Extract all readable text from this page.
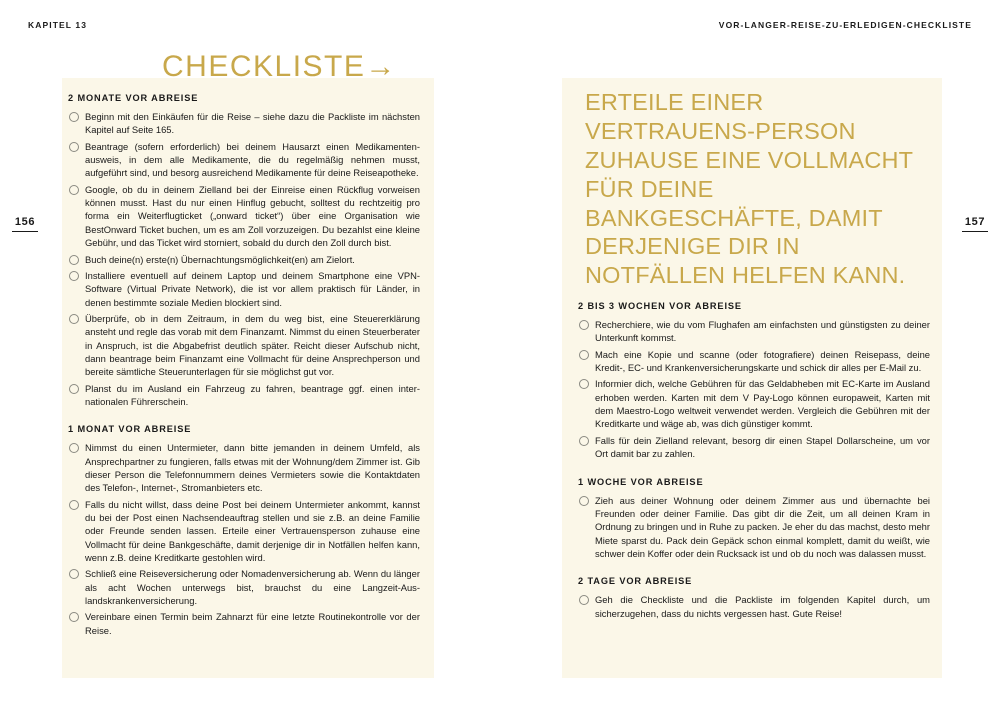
KAPITEL 13	VOR-LANGER-REISE-ZU-ERLEDIGEN-CHECKLISTE
156	157
CHECKLISTE→
ERTEILE EINER VERTRAUENS-PERSON ZUHAUSE EINE VOLLMACHT FÜR DEINE BANKGESCHÄFTE, DAMIT DERJENIGE DIR IN NOTFÄLLEN HELFEN KANN.
2 MONATE VOR ABREISE
Beginn mit den Einkäufen für die Reise – siehe dazu die Packliste im nächsten Kapitel auf Seite 165.
Beantrage (sofern erforderlich) bei deinem Hausarzt einen Medikamentenausweis, in dem alle Medikamente, die du regelmäßig nehmen musst, aufgeführt sind, und besorg ausreichend Medikamente für deine Reiseapotheke.
Google, ob du in deinem Zielland bei der Einreise einen Rückflug vorweisen können musst. Hast du nur einen Hinflug gebucht, solltest du rechtzeitig pro forma ein Weiterflugticket („onward ticket“) über eine Organisation wie BestOnward Ticket buchen, um es am Zoll vorzuzeigen. Du bezahlst eine kleine Gebühr, und das Ticket wird storniert, sobald du durch den Zoll durch bist.
Buch deine(n) erste(n) Übernachtungsmöglichkeit(en) am Zielort.
Installiere eventuell auf deinem Laptop und deinem Smartphone eine VPN-Software (Virtual Private Network), die ist vor allem praktisch für Länder, in denen bestimmte soziale Medien blockiert sind.
Überprüfe, ob in dem Zeitraum, in dem du weg bist, eine Steuererklärung ansteht und regle das vorab mit dem Finanzamt. Nimmst du einen Steuerberater in Anspruch, ist die Abgabefrist deutlich später. Reicht dieser Aufschub nicht, dann beantrage beim Finanzamt eine Vollmacht für deine Ansprechperson und bereite sämtliche Steuerunterlagen für sie möglichst gut vor.
Planst du im Ausland ein Fahrzeug zu fahren, beantrage ggf. einen internationalen Führerschein.
1 MONAT VOR ABREISE
Nimmst du einen Untermieter, dann bitte jemanden in deinem Umfeld, als Ansprechpartner zu fungieren, falls etwas mit der Wohnung/dem Zimmer ist. Gib dieser Person die Telefonnummern deines Vermieters sowie die Kontaktdaten des Telefon-, Internet-, Stromanbieters etc.
Falls du nicht willst, dass deine Post bei deinem Untermieter ankommt, kannst du bei der Post einen Nachsendeauftrag stellen und sie z.B. an deine Familie oder Freunde senden lassen. Erteile einer Vertrauensperson zuhause eine Vollmacht für deine Bankgeschäfte, damit derjenige dir in Notfällen helfen kann, wenn z.B. deine Kreditkarte gestohlen wird.
Schließ eine Reiseversicherung oder Nomadenversicherung ab. Wenn du länger als acht Wochen unterwegs bist, brauchst du eine Langzeit-Auslandskrankenversicherung.
Vereinbare einen Termin beim Zahnarzt für eine letzte Routinekontrolle vor der Reise.
2 BIS 3 WOCHEN VOR ABREISE
Recherchiere, wie du vom Flughafen am einfachsten und günstigsten zu deiner Unterkunft kommst.
Mach eine Kopie und scanne (oder fotografiere) deinen Reisepass, deine Kredit-, EC- und Krankenversicherungskarte und schick dir alles per E-Mail zu.
Informier dich, welche Gebühren für das Geldabheben mit EC-Karte im Ausland erhoben werden. Karten mit dem V Pay-Logo können europaweit, Karten mit dem Maestro-Logo weltweit verwendet werden. Vergleich die Gebühren mit der Kreditkarte und wäge ab, was dich günstiger kommt.
Falls für dein Zielland relevant, besorg dir einen Stapel Dollarscheine, um vor Ort damit bar zu zahlen.
1 WOCHE VOR ABREISE
Zieh aus deiner Wohnung oder deinem Zimmer aus und übernachte bei Freunden oder deiner Familie. Das gibt dir die Zeit, um all deinen Kram in Ordnung zu bringen und in Ruhe zu packen. Je eher du das machst, desto mehr Miete sparst du. Pack dein Gepäck schon einmal komplett, damit du weißt, wie schwer dein Koffer oder dein Rucksack ist und ob du noch was dalassen musst.
2 TAGE VOR ABREISE
Geh die Checkliste und die Packliste im folgenden Kapitel durch, um sicherzugehen, dass du nichts vergessen hast. Gute Reise!
